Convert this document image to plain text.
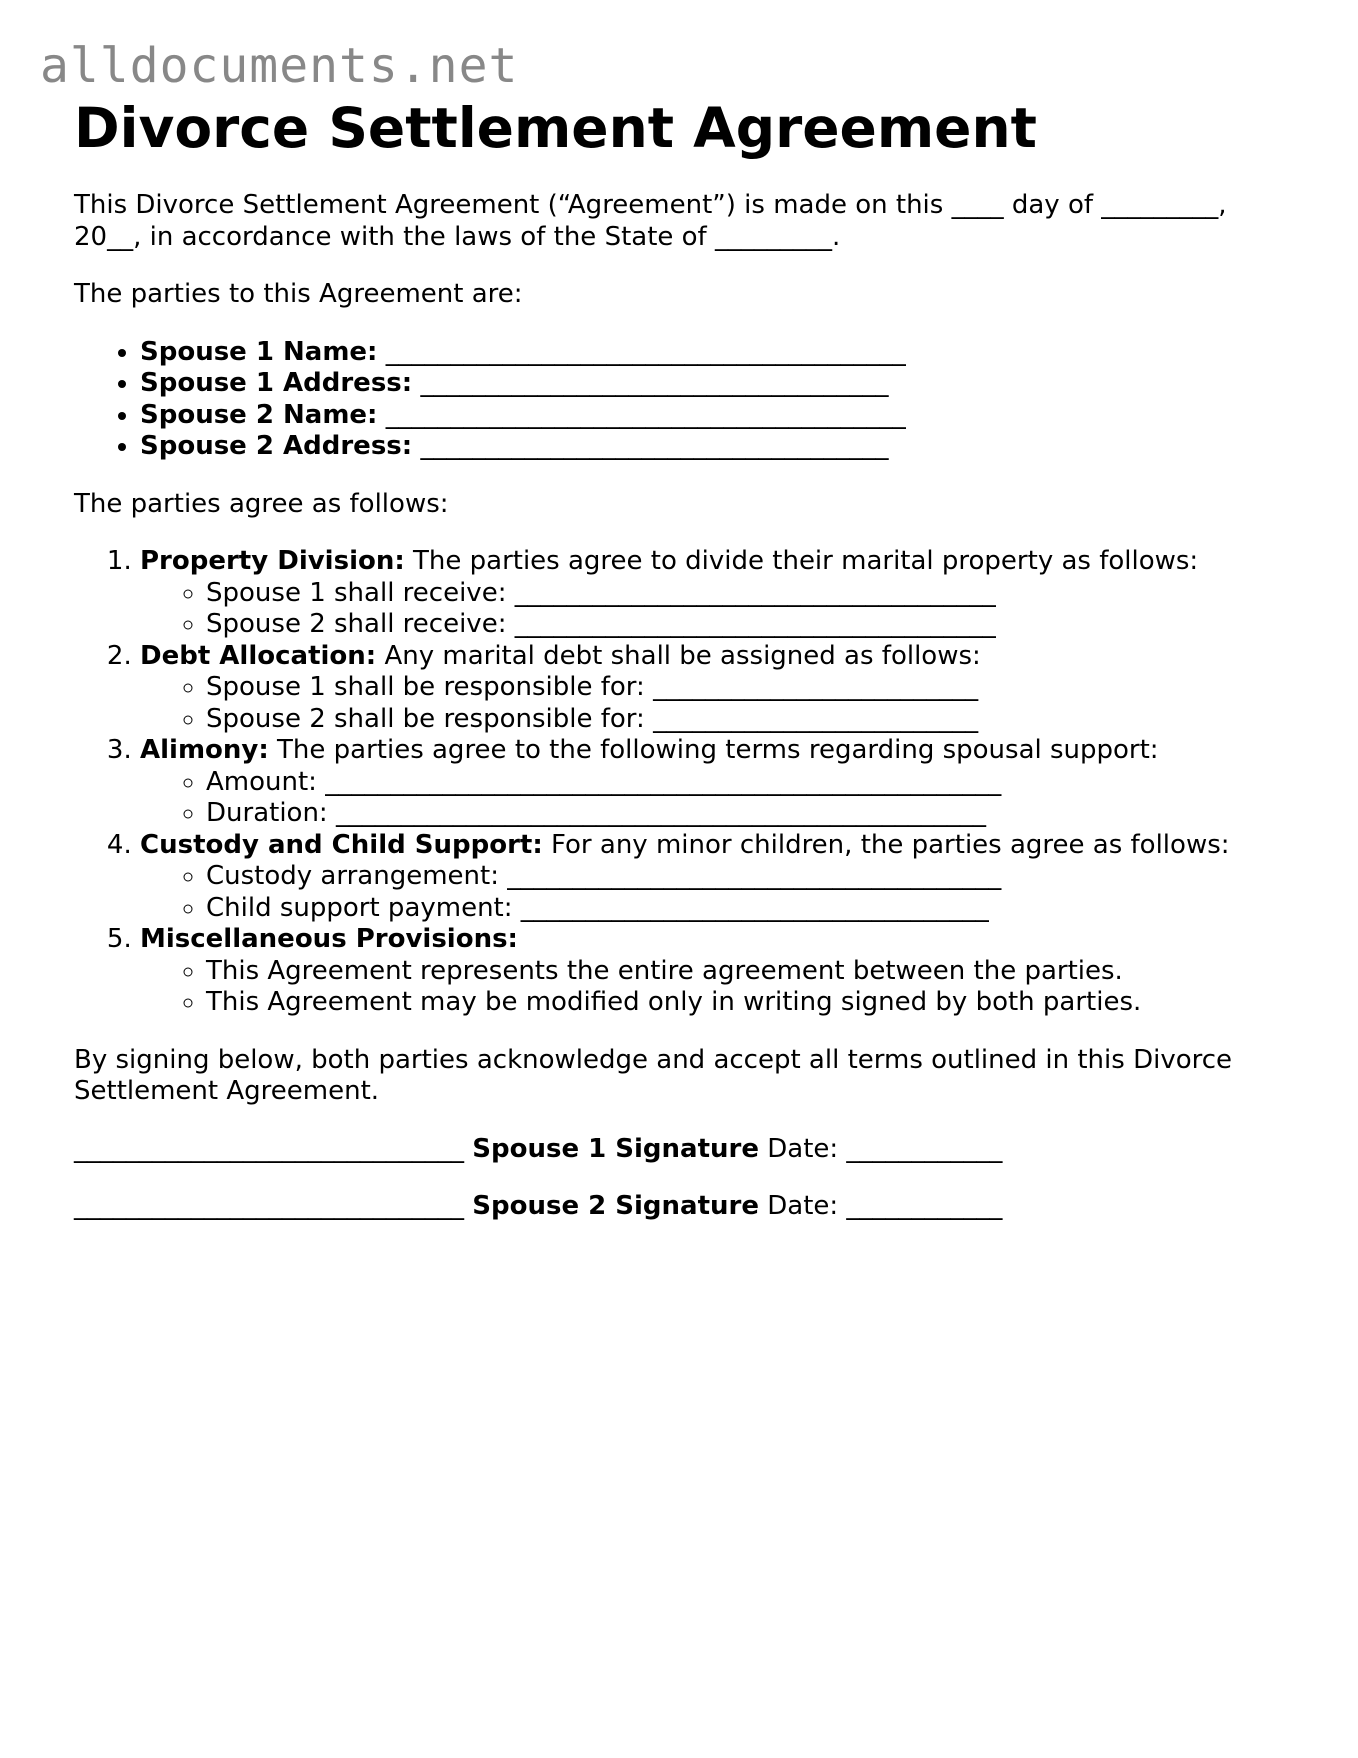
alldocuments.net
Divorce Settlement Agreement

This Divorce Settlement Agreement (“Agreement”) is made on this ____ day of _________, 20__, in accordance with the laws of the State of _________.

The parties to this Agreement are:

• Spouse 1 Name: ________________________________________
• Spouse 1 Address: ____________________________________
• Spouse 2 Name: ________________________________________
• Spouse 2 Address: ____________________________________

The parties agree as follows:

1. Property Division: The parties agree to divide their marital property as follows:
◦ Spouse 1 shall receive: _____________________________________
◦ Spouse 2 shall receive: _____________________________________
2. Debt Allocation: Any marital debt shall be assigned as follows:
◦ Spouse 1 shall be responsible for: _________________________
◦ Spouse 2 shall be responsible for: _________________________
3. Alimony: The parties agree to the following terms regarding spousal support:
◦ Amount: ____________________________________________________
◦ Duration: __________________________________________________
4. Custody and Child Support: For any minor children, the parties agree as follows:
◦ Custody arrangement: ______________________________________
◦ Child support payment: ____________________________________
5. Miscellaneous Provisions:
◦ This Agreement represents the entire agreement between the parties.
◦ This Agreement may be modified only in writing signed by both parties.

By signing below, both parties acknowledge and accept all terms outlined in this Divorce Settlement Agreement.

______________________________ Spouse 1 Signature Date: ____________
______________________________ Spouse 2 Signature Date: ____________
